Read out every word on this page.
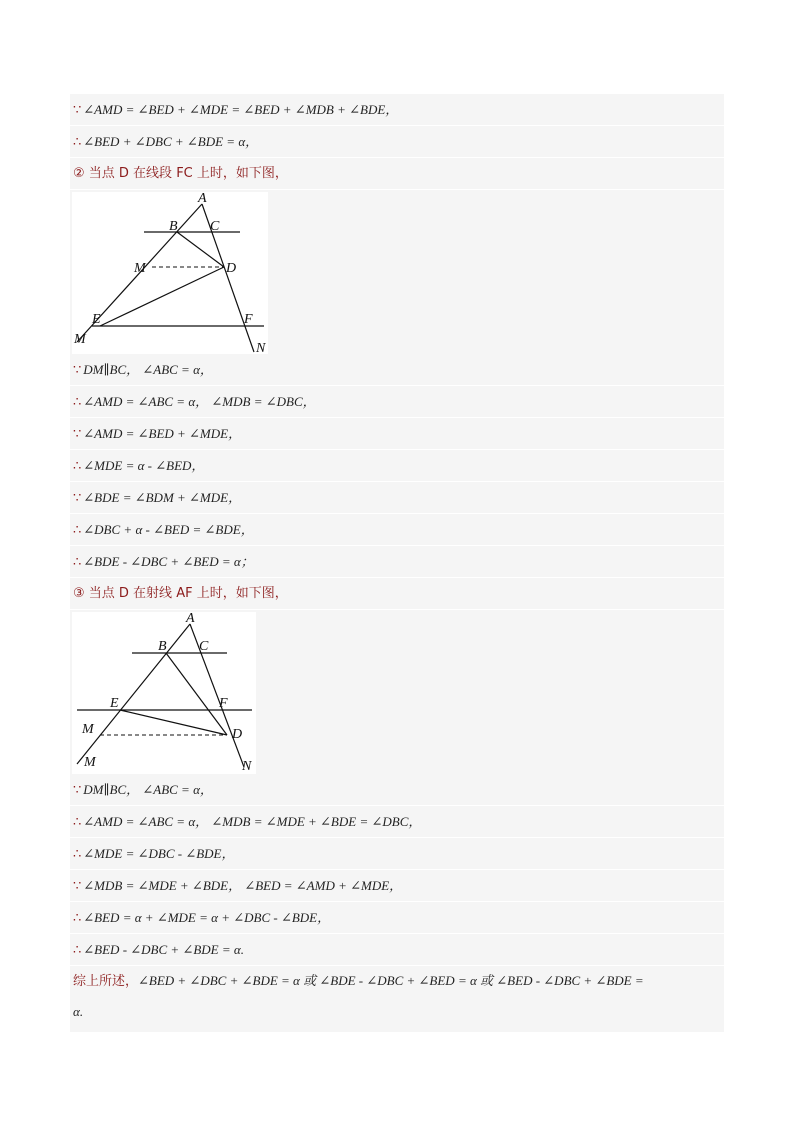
∵ ∠AMD = ∠BED + ∠MDE = ∠BED + ∠MDB + ∠BDE，
∴ ∠BED + ∠DBC + ∠BDE = α，
② 当点 D 在线段 FC 上时，如下图，
A
B C
M	D
E	F
M
N
∵ DM∥BC， ∠ABC = α，
∴ ∠AMD = ∠ABC = α， ∠MDB = ∠DBC，
∵ ∠AMD = ∠BED + ∠MDE，
∴ ∠MDE = α - ∠BED，
∵ ∠BDE = ∠BDM + ∠MDE，
∴ ∠DBC + α - ∠BED = ∠BDE，
∴ ∠BDE - ∠DBC + ∠BED = α；
③ 当点 D 在射线 AF 上时，如下图，
A
B C
E	F
M	D
M	N
∵ DM∥BC， ∠ABC = α，
∴ ∠AMD = ∠ABC = α， ∠MDB = ∠MDE + ∠BDE = ∠DBC，
∴ ∠MDE = ∠DBC - ∠BDE，
∵ ∠MDB = ∠MDE + ∠BDE， ∠BED = ∠AMD + ∠MDE，
∴ ∠BED = α + ∠MDE = α + ∠DBC - ∠BDE，
∴ ∠BED - ∠DBC + ∠BDE = α.
综上所述，∠BED + ∠DBC + ∠BDE = α 或 ∠BDE - ∠DBC + ∠BED = α 或 ∠BED - ∠DBC + ∠BDE =
α.
